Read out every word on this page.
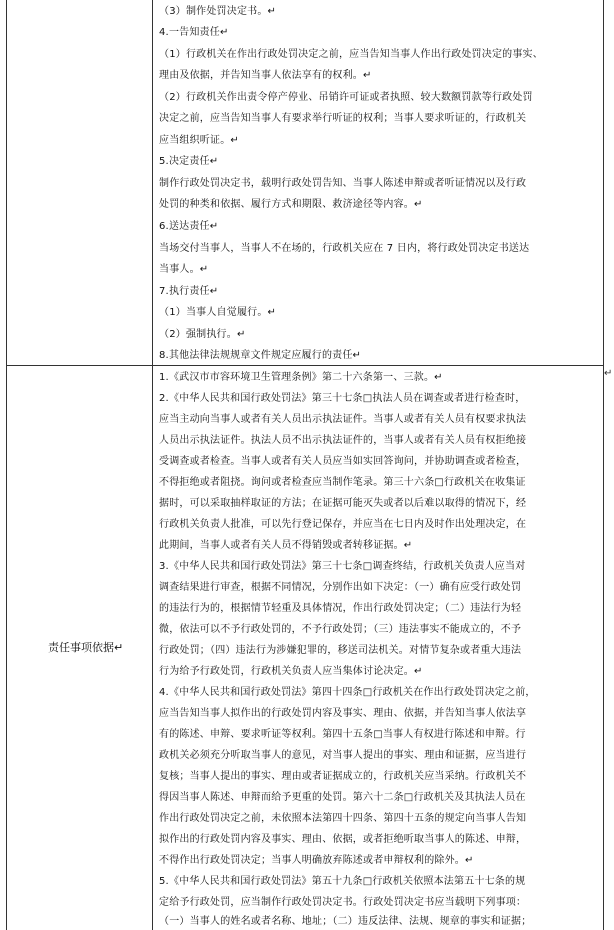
（3）制作处罚决定书。↵
4.一告知责任↵
（1）行政机关在作出行政处罚决定之前，应当告知当事人作出行政处罚决定的事实、
理由及依据，并告知当事人依法享有的权利。↵
（2）行政机关作出责令停产停业、吊销许可证或者执照、较大数额罚款等行政处罚
决定之前，应当告知当事人有要求举行听证的权利；当事人要求听证的，行政机关
应当组织听证。↵
5.决定责任↵
制作行政处罚决定书，载明行政处罚告知、当事人陈述申辩或者听证情况以及行政
处罚的种类和依据、履行方式和期限、救济途径等内容。↵
6.送达责任↵
当场交付当事人，当事人不在场的，行政机关应在 7 日内，将行政处罚决定书送达
当事人。↵
7.执行责任↵
（1）当事人自觉履行。↵
（2）强制执行。↵
8.其他法律法规规章文件规定应履行的责任↵
责任事项依据↵
↵
1.《武汉市市容环境卫生管理条例》第二十六条第一、三款。↵
2.《中华人民共和国行政处罚法》第三十七条□执法人员在调查或者进行检查时，
应当主动向当事人或者有关人员出示执法证件。当事人或者有关人员有权要求执法
人员出示执法证件。执法人员不出示执法证件的，当事人或者有关人员有权拒绝接
受调查或者检查。当事人或者有关人员应当如实回答询问，并协助调查或者检查，
不得拒绝或者阻挠。询问或者检查应当制作笔录。第三十六条□行政机关在收集证
据时，可以采取抽样取证的方法；在证据可能灭失或者以后难以取得的情况下，经
行政机关负责人批准，可以先行登记保存，并应当在七日内及时作出处理决定，在
此期间，当事人或者有关人员不得销毁或者转移证据。↵
3.《中华人民共和国行政处罚法》第三十七条□调查终结，行政机关负责人应当对
调查结果进行审查，根据不同情况，分别作出如下决定：（一）确有应受行政处罚
的违法行为的，根据情节轻重及具体情况，作出行政处罚决定；（二）违法行为轻
微，依法可以不予行政处罚的，不予行政处罚；（三）违法事实不能成立的，不予
行政处罚；（四）违法行为涉嫌犯罪的，移送司法机关。对情节复杂或者重大违法
行为给予行政处罚，行政机关负责人应当集体讨论决定。↵
4.《中华人民共和国行政处罚法》第四十四条□行政机关在作出行政处罚决定之前，
应当告知当事人拟作出的行政处罚内容及事实、理由、依据，并告知当事人依法享
有的陈述、申辩、要求听证等权利。第四十五条□当事人有权进行陈述和申辩。行
政机关必须充分听取当事人的意见，对当事人提出的事实、理由和证据，应当进行
复核；当事人提出的事实、理由或者证据成立的，行政机关应当采纳。行政机关不
得因当事人陈述、申辩而给予更重的处罚。第六十二条□行政机关及其执法人员在
作出行政处罚决定之前，未依照本法第四十四条、第四十五条的规定向当事人告知
拟作出的行政处罚内容及事实、理由、依据，或者拒绝听取当事人的陈述、申辩，
不得作出行政处罚决定；当事人明确放弃陈述或者申辩权利的除外。↵
5.《中华人民共和国行政处罚法》第五十九条□行政机关依照本法第五十七条的规
定给予行政处罚，应当制作行政处罚决定书。行政处罚决定书应当载明下列事项：
（一）当事人的姓名或者名称、地址；（二）违反法律、法规、规章的事实和证据；
